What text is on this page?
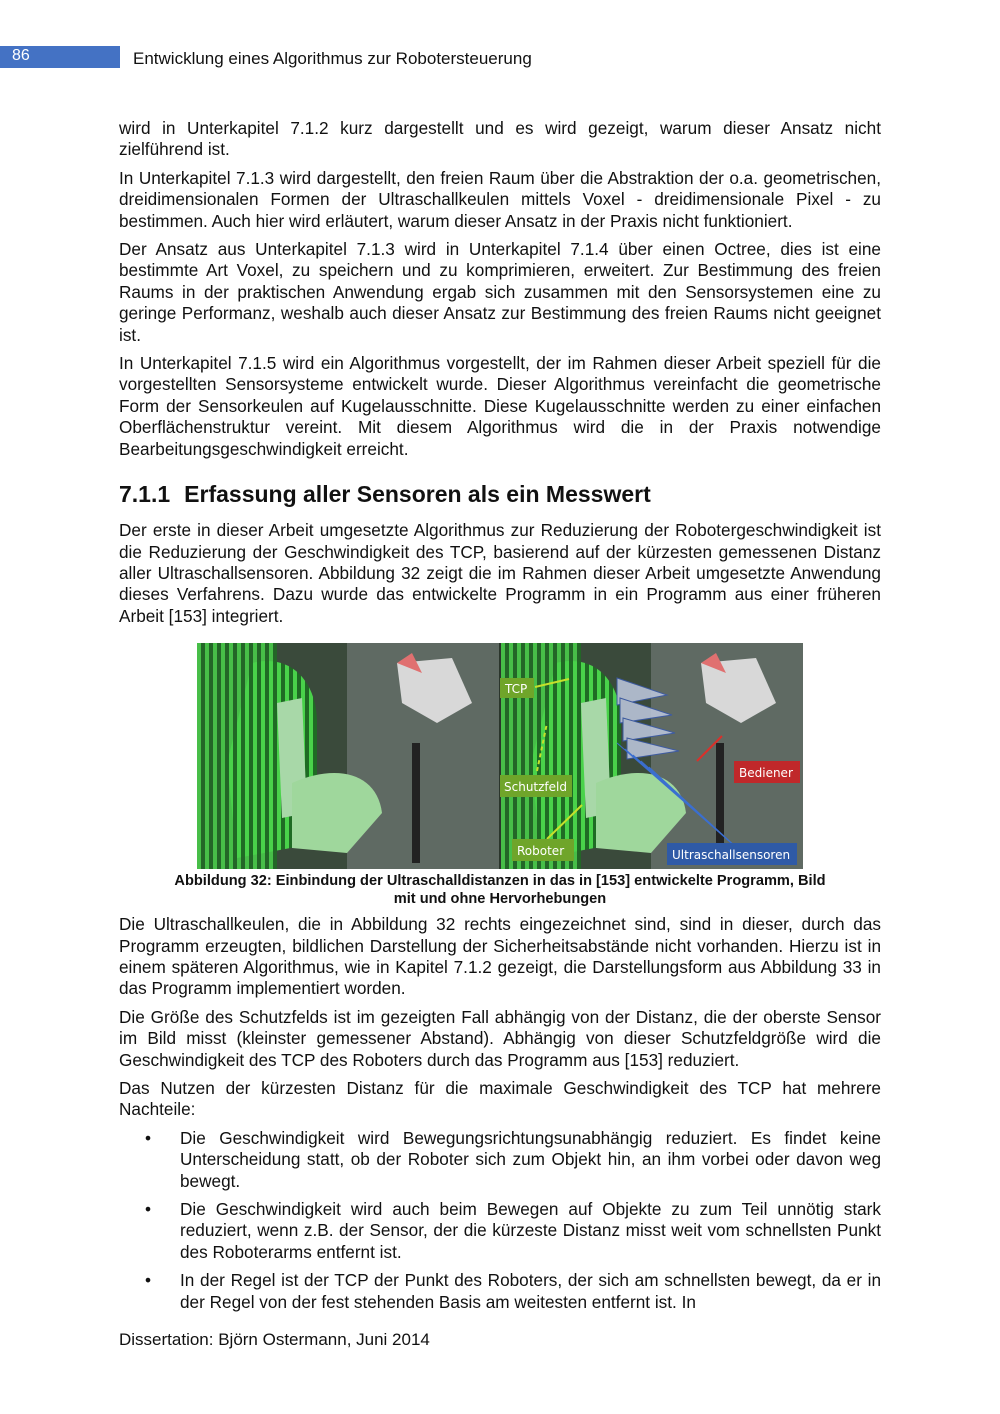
86	Entwicklung eines Algorithmus zur Robotersteuerung

wird in Unterkapitel 7.1.2 kurz dargestellt und es wird gezeigt, warum dieser Ansatz nicht zielführend ist.

In Unterkapitel 7.1.3 wird dargestellt, den freien Raum über die Abstraktion der o.a. geometrischen, dreidimensionalen Formen der Ultraschallkeulen mittels Voxel - dreidimensionale Pixel - zu bestimmen. Auch hier wird erläutert, warum dieser Ansatz in der Praxis nicht funktioniert.

Der Ansatz aus Unterkapitel 7.1.3 wird in Unterkapitel 7.1.4 über einen Octree, dies ist eine bestimmte Art Voxel, zu speichern und zu komprimieren, erweitert. Zur Bestimmung des freien Raums in der praktischen Anwendung ergab sich zusammen mit den Sensorsystemen eine zu geringe Performanz, weshalb auch dieser Ansatz zur Bestimmung des freien Raums nicht geeignet ist.

In Unterkapitel 7.1.5 wird ein Algorithmus vorgestellt, der im Rahmen dieser Arbeit speziell für die vorgestellten Sensorsysteme entwickelt wurde. Dieser Algorithmus vereinfacht die geometrische Form der Sensorkeulen auf Kugelausschnitte. Diese Kugelausschnitte werden zu einer einfachen Oberflächenstruktur vereint. Mit diesem Algorithmus wird die in der Praxis notwendige Bearbeitungsgeschwindigkeit erreicht.

7.1.1 Erfassung aller Sensoren als ein Messwert

Der erste in dieser Arbeit umgesetzte Algorithmus zur Reduzierung der Robotergeschwindigkeit ist die Reduzierung der Geschwindigkeit des TCP, basierend auf der kürzesten gemessenen Distanz aller Ultraschallsensoren. Abbildung 32 zeigt die im Rahmen dieser Arbeit umgesetzte Anwendung dieses Verfahrens. Dazu wurde das entwickelte Programm in ein Programm aus einer früheren Arbeit [153] integriert.

TCP
Schutzfeld
Roboter
Bediener
Ultraschallsensoren
Abbildung 32: Einbindung der Ultraschalldistanzen in das in [153] entwickelte Programm, Bild
mit und ohne Hervorhebungen

Die Ultraschallkeulen, die in Abbildung 32 rechts eingezeichnet sind, sind in dieser, durch das Programm erzeugten, bildlichen Darstellung der Sicherheitsabstände nicht vorhanden. Hierzu ist in einem späteren Algorithmus, wie in Kapitel 7.1.2 gezeigt, die Darstellungsform aus Abbildung 33 in das Programm implementiert worden.

Die Größe des Schutzfelds ist im gezeigten Fall abhängig von der Distanz, die der oberste Sensor im Bild misst (kleinster gemessener Abstand). Abhängig von dieser Schutzfeldgröße wird die Geschwindigkeit des TCP des Roboters durch das Programm aus [153] reduziert.

Das Nutzen der kürzesten Distanz für die maximale Geschwindigkeit des TCP hat mehrere Nachteile:

• Die Geschwindigkeit wird Bewegungsrichtungsunabhängig reduziert. Es findet keine Unterscheidung statt, ob der Roboter sich zum Objekt hin, an ihm vorbei oder davon weg bewegt.
• Die Geschwindigkeit wird auch beim Bewegen auf Objekte zu zum Teil unnötig stark reduziert, wenn z.B. der Sensor, der die kürzeste Distanz misst weit vom schnellsten Punkt des Roboterarms entfernt ist.
• In der Regel ist der TCP der Punkt des Roboters, der sich am schnellsten bewegt, da er in der Regel von der fest stehenden Basis am weitesten entfernt ist. In
Dissertation: Björn Ostermann, Juni 2014
